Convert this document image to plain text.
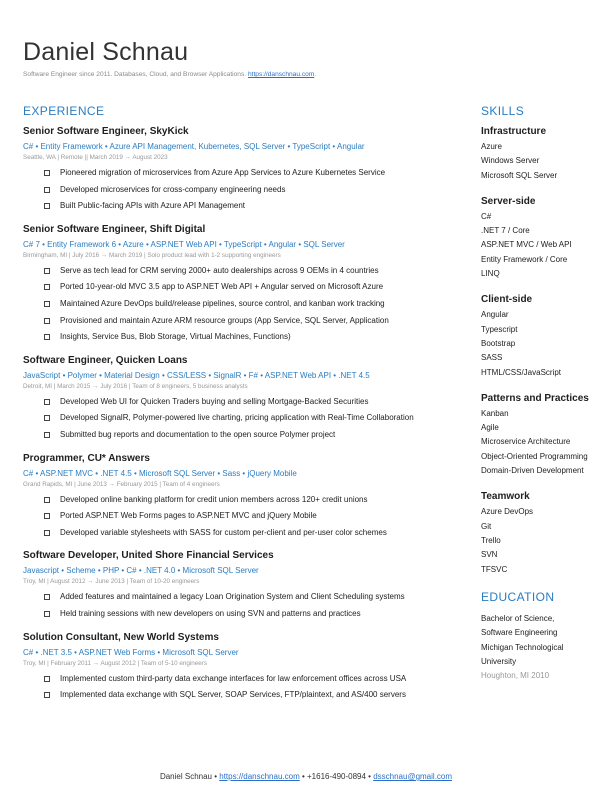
Daniel Schnau
Software Engineer since 2011. Databases, Cloud, and Browser Applications. https://danschnau.com.
EXPERIENCE
Senior Software Engineer, SkyKick
C# • Entity Framework • Azure API Management, Kubernetes, SQL Server • TypeScript • Angular
Seattle, WA | Remote || March 2019 → August 2023
Pioneered migration of microservices from Azure App Services to Azure Kubernetes Service
Developed microservices for cross-company engineering needs
Built Public-facing APIs with Azure API Management
Senior Software Engineer, Shift Digital
C# 7 • Entity Framework 6 • Azure • ASP.NET Web API • TypeScript • Angular • SQL Server
Birmingham, MI | July 2016 → March 2019 | Solo product lead with 1-2 supporting engineers
Serve as tech lead for CRM serving 2000+ auto dealerships across 9 OEMs in 4 countries
Ported 10-year-old MVC 3.5 app to ASP.NET Web API + Angular served on Microsoft Azure
Maintained Azure DevOps build/release pipelines, source control, and kanban work tracking
Provisioned and maintain Azure ARM resource groups (App Service, SQL Server, Application
Insights, Service Bus, Blob Storage, Virtual Machines, Functions)
Software Engineer, Quicken Loans
JavaScript • Polymer • Material Design • CSS/LESS • SignalR • F# • ASP.NET Web API • .NET 4.5
Detroit, MI | March 2015 → July 2016 | Team of 8 engineers, 5 business analysts
Developed Web UI for Quicken Traders buying and selling Mortgage-Backed Securities
Developed SignalR, Polymer-powered live charting, pricing application with Real-Time Collaboration
Submitted bug reports and documentation to the open source Polymer project
Programmer, CU* Answers
C# • ASP.NET MVC • .NET 4.5 • Microsoft SQL Server • Sass • jQuery Mobile
Grand Rapids, MI | June 2013 → February 2015 | Team of 4 engineers
Developed online banking platform for credit union members across 120+ credit unions
Ported ASP.NET Web Forms pages to ASP.NET MVC and jQuery Mobile
Developed variable stylesheets with SASS for custom per-client and per-user color schemes
Software Developer, United Shore Financial Services
Javascript • Scheme • PHP • C# • .NET 4.0 • Microsoft SQL Server
Troy, MI | August 2012 → June 2013 | Team of 10-20 engineers
Added features and maintained a legacy Loan Origination System and Client Scheduling systems
Held training sessions with new developers on using SVN and patterns and practices
Solution Consultant, New World Systems
C# • .NET 3.5 • ASP.NET Web Forms • Microsoft SQL Server
Troy, MI | February 2011 → August 2012 | Team of 5-10 engineers
Implemented custom third-party data exchange interfaces for law enforcement offices across USA
Implemented data exchange with SQL Server, SOAP Services, FTP/plaintext, and AS/400 servers
SKILLS
Infrastructure
Azure
Windows Server
Microsoft SQL Server
Server-side
C#
.NET 7 / Core
ASP.NET MVC / Web API
Entity Framework / Core
LINQ
Client-side
Angular
Typescript
Bootstrap
SASS
HTML/CSS/JavaScript
Patterns and Practices
Kanban
Agile
Microservice Architecture
Object-Oriented Programming
Domain-Driven Development
Teamwork
Azure DevOps
Git
Trello
SVN
TFSVC
EDUCATION
Bachelor of Science,
Software Engineering
Michigan Technological
University
Houghton, MI 2010
Daniel Schnau • https://danschnau.com • +1616-490-0894 • dsschnau@gmail.com
